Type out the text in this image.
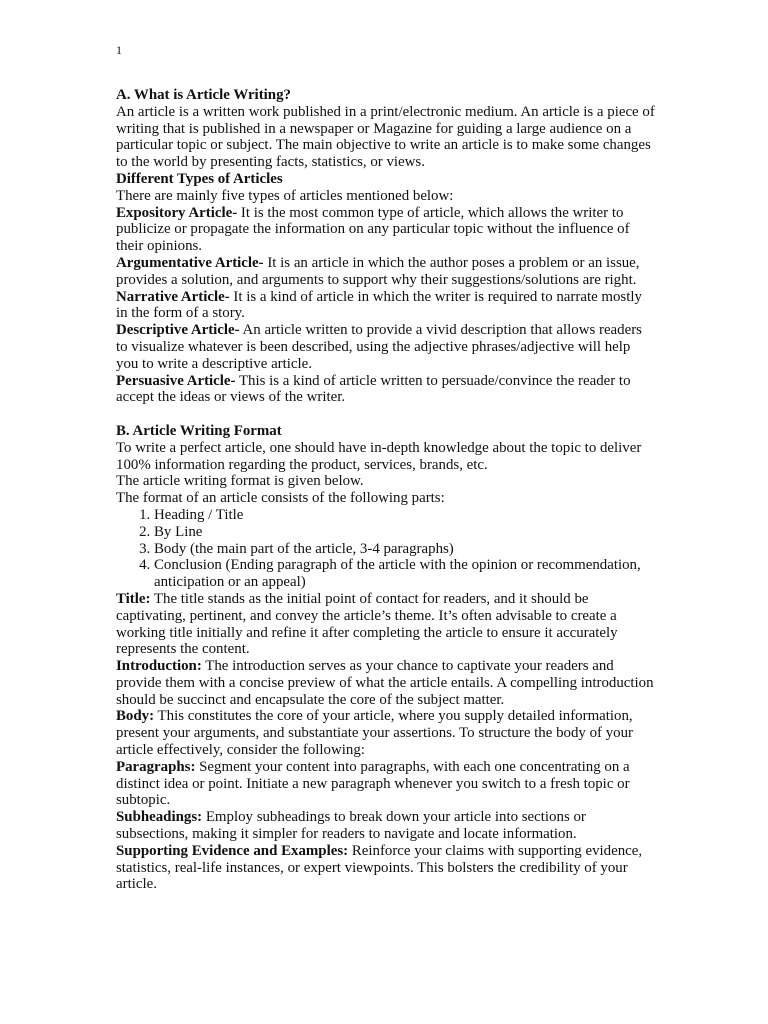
1

A. What is Article Writing?

An article is a written work published in a print/electronic medium. An article is a piece of writing that is published in a newspaper or Magazine for guiding a large audience on a particular topic or subject. The main objective to write an article is to make some changes to the world by presenting facts, statistics, or views.

Different Types of Articles

There are mainly five types of articles mentioned below:

Expository Article- It is the most common type of article, which allows the writer to publicize or propagate the information on any particular topic without the influence of their opinions.

Argumentative Article- It is an article in which the author poses a problem or an issue, provides a solution, and arguments to support why their suggestions/solutions are right.

Narrative Article- It is a kind of article in which the writer is required to narrate mostly in the form of a story.

Descriptive Article- An article written to provide a vivid description that allows readers to visualize whatever is been described, using the adjective phrases/adjective will help you to write a descriptive article.

Persuasive Article- This is a kind of article written to persuade/convince the reader to accept the ideas or views of the writer.

B. Article Writing Format

To write a perfect article, one should have in-depth knowledge about the topic to deliver 100% information regarding the product, services, brands, etc.

The article writing format is given below.

The format of an article consists of the following parts:

1. Heading / Title
2. By Line
3. Body (the main part of the article, 3-4 paragraphs)
4. Conclusion (Ending paragraph of the article with the opinion or recommendation, anticipation or an appeal)

Title: The title stands as the initial point of contact for readers, and it should be captivating, pertinent, and convey the article’s theme. It’s often advisable to create a working title initially and refine it after completing the article to ensure it accurately represents the content.

Introduction: The introduction serves as your chance to captivate your readers and provide them with a concise preview of what the article entails. A compelling introduction should be succinct and encapsulate the core of the subject matter.

Body: This constitutes the core of your article, where you supply detailed information, present your arguments, and substantiate your assertions. To structure the body of your article effectively, consider the following:

Paragraphs: Segment your content into paragraphs, with each one concentrating on a distinct idea or point. Initiate a new paragraph whenever you switch to a fresh topic or subtopic.

Subheadings: Employ subheadings to break down your article into sections or subsections, making it simpler for readers to navigate and locate information.

Supporting Evidence and Examples: Reinforce your claims with supporting evidence, statistics, real-life instances, or expert viewpoints. This bolsters the credibility of your article.
